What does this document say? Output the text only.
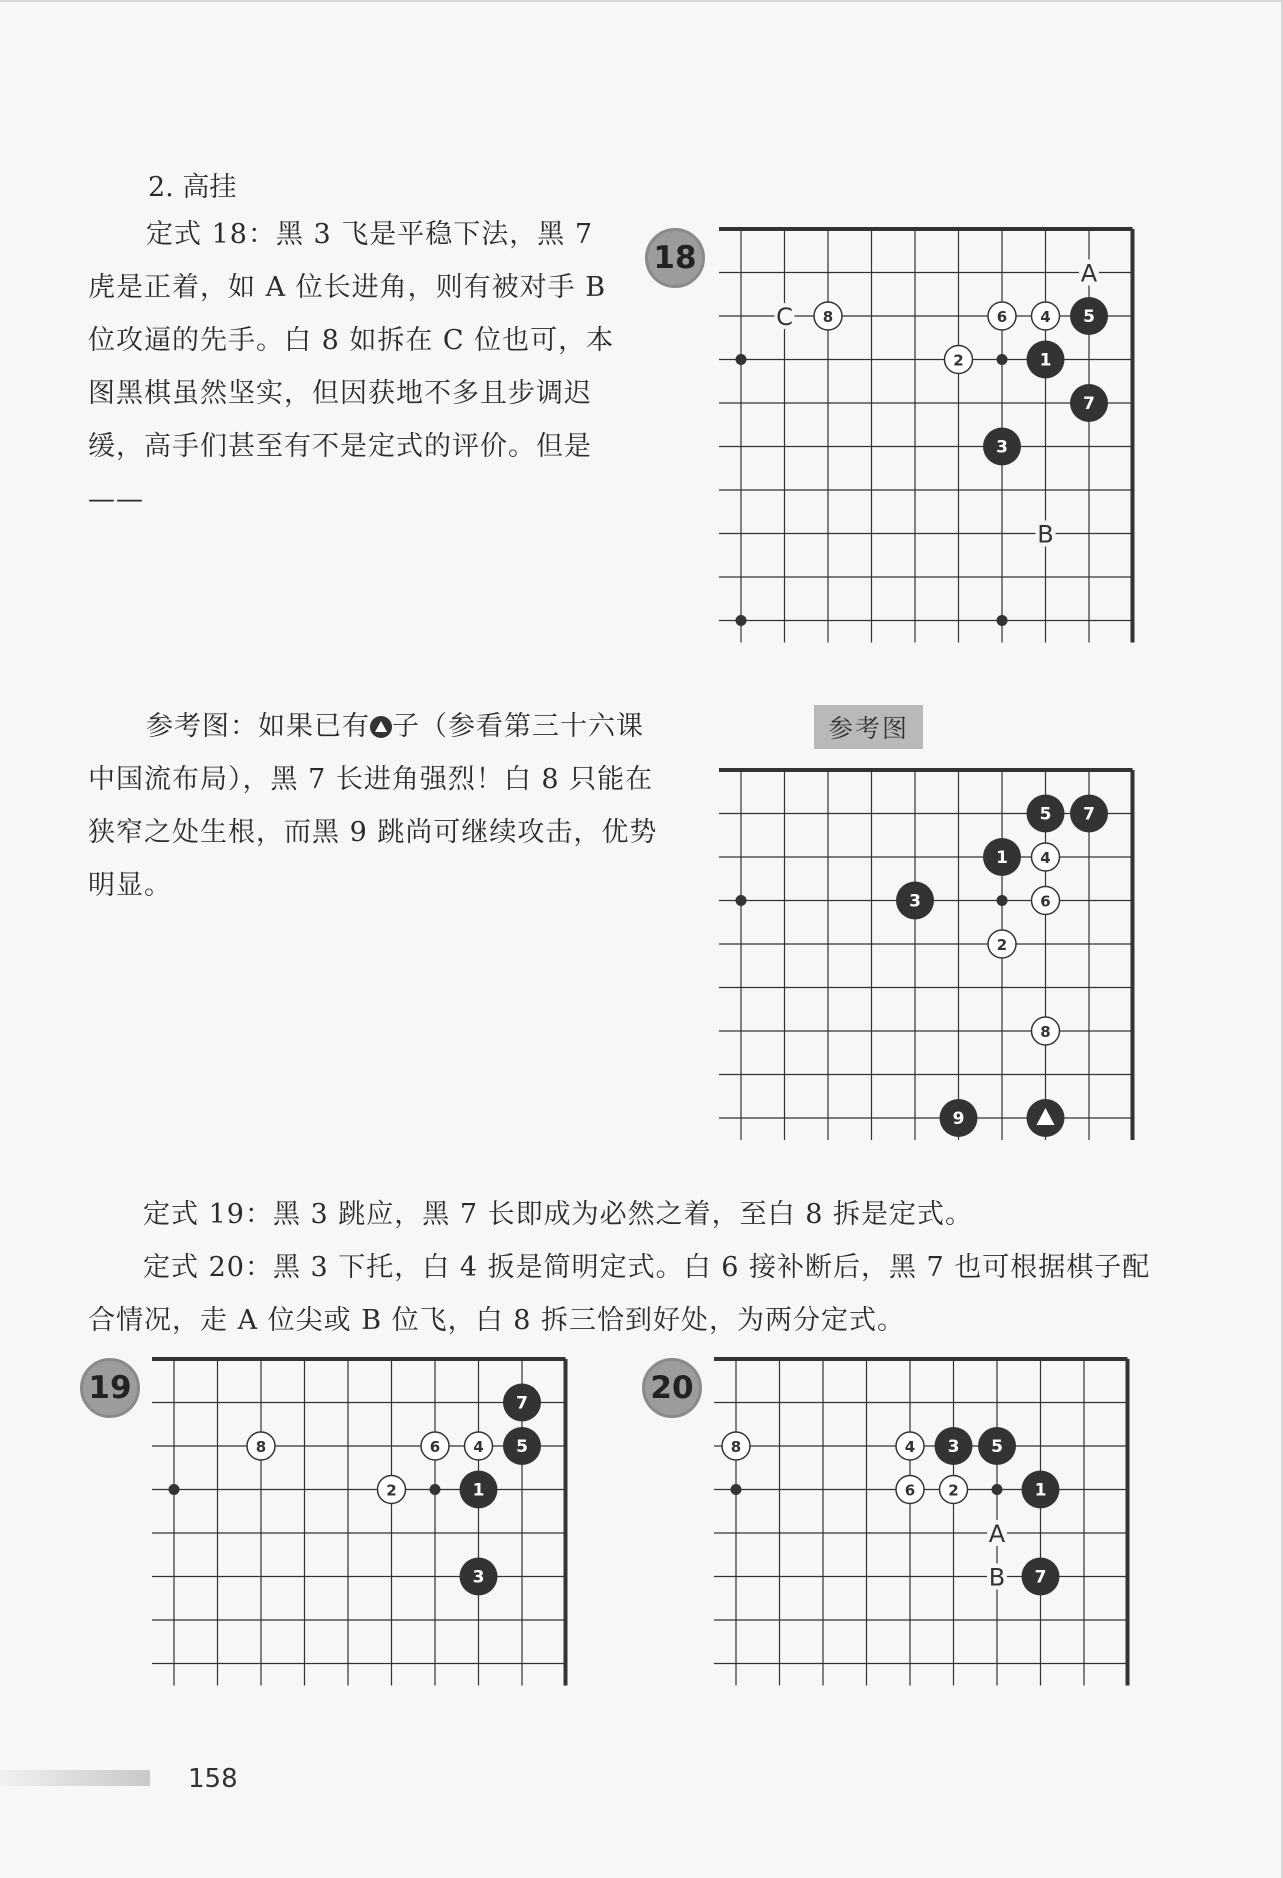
2. 高挂
定式 18：黑 3 飞是平稳下法，黑 7 虎是正着，如 A 位长进角，则有被对手 B 位攻逼的先手。白 8 如拆在 C 位也可，本图黑棋虽然坚实，但因获地不多且步调迟缓，高手们甚至有不是定式的评价。但是——
18	A
B
C
1
2
3
4 5
6
7
8
参考图：如果已有 子（参看第三十六课中国流布局），黑 7 长进角强烈！白 8 只能在狭窄之处生根，而黑 9 跳尚可继续攻击，优势明显。
参考图
1
2
3
4
5
6
7
8
9
定式 19：黑 3 跳应，黑 7 长即成为必然之着，至白 8 拆是定式。
定式 20：黑 3 下托，白 4 扳是简明定式。白 6 接补断后，黑 7 也可根据棋子配合情况，走 A 位尖或 B 位飞，白 8 拆三恰到好处，为两分定式。
19
1
2
3
4 5
6
7
8
20
A
B
1
2
3
4	5
6
7
8
158
